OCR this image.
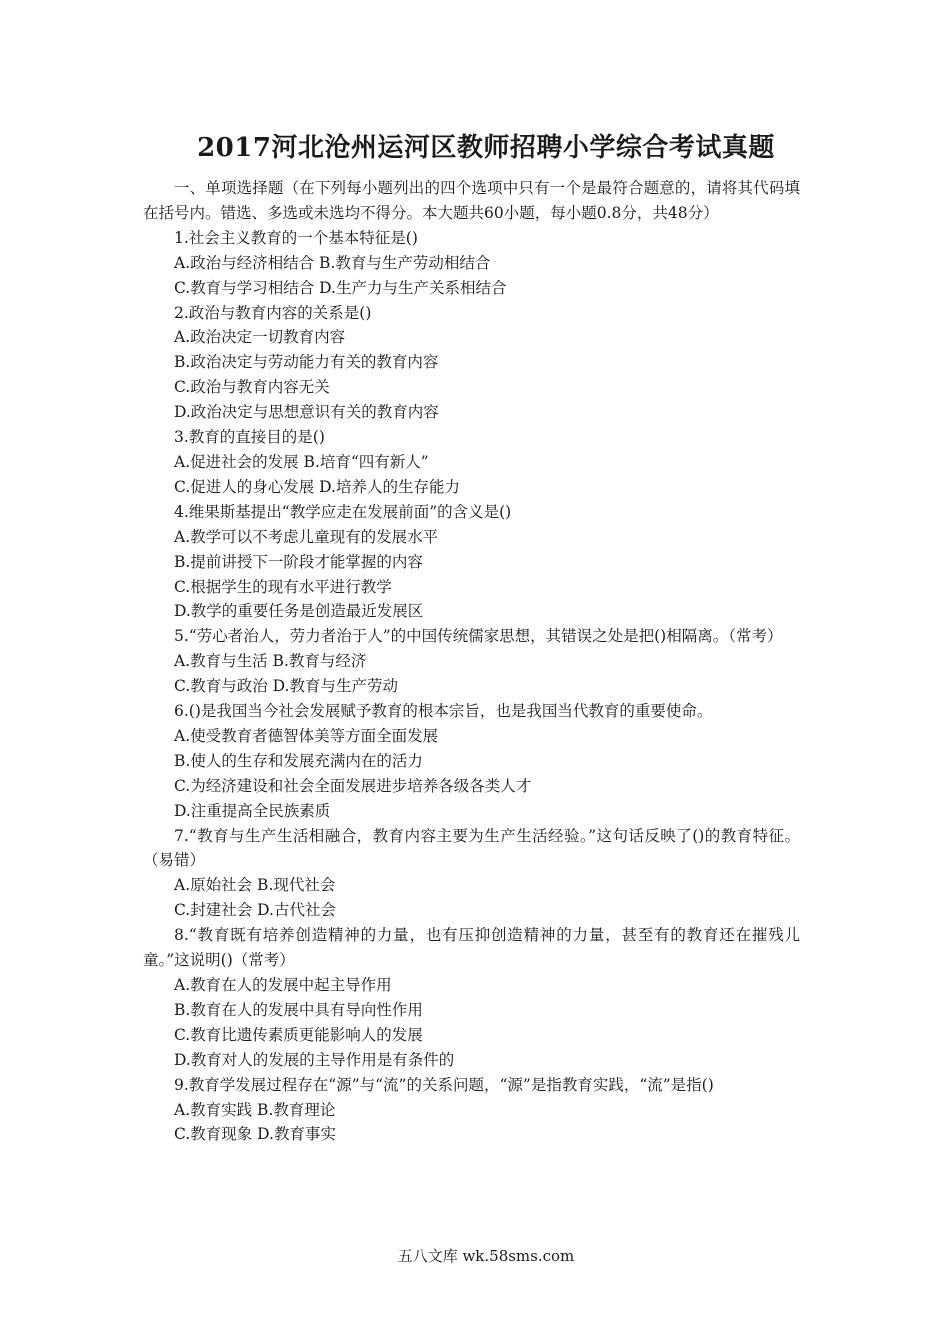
2017河北沧州运河区教师招聘小学综合考试真题
一、单项选择题（在下列每小题列出的四个选项中只有一个是最符合题意的，请将其代码填在括号内。错选、多选或未选均不得分。本大题共60小题，每小题0.8分，共48分）
1.社会主义教育的一个基本特征是()
A.政治与经济相结合 B.教育与生产劳动相结合
C.教育与学习相结合 D.生产力与生产关系相结合
2.政治与教育内容的关系是()
A.政治决定一切教育内容
B.政治决定与劳动能力有关的教育内容
C.政治与教育内容无关
D.政治决定与思想意识有关的教育内容
3.教育的直接目的是()
A.促进社会的发展 B.培育“四有新人”
C.促进人的身心发展 D.培养人的生存能力
4.维果斯基提出“教学应走在发展前面”的含义是()
A.教学可以不考虑儿童现有的发展水平
B.提前讲授下一阶段才能掌握的内容
C.根据学生的现有水平进行教学
D.教学的重要任务是创造最近发展区
5.“劳心者治人，劳力者治于人”的中国传统儒家思想，其错误之处是把()相隔离。（常考）
A.教育与生活 B.教育与经济
C.教育与政治 D.教育与生产劳动
6.()是我国当今社会发展赋予教育的根本宗旨，也是我国当代教育的重要使命。
A.使受教育者德智体美等方面全面发展
B.使人的生存和发展充满内在的活力
C.为经济建设和社会全面发展进步培养各级各类人才
D.注重提高全民族素质
7.“教育与生产生活相融合，教育内容主要为生产生活经验。”这句话反映了()的教育特征。（易错）
A.原始社会 B.现代社会
C.封建社会 D.古代社会
8.“教育既有培养创造精神的力量，也有压抑创造精神的力量，甚至有的教育还在摧残儿童。”这说明()（常考）
A.教育在人的发展中起主导作用
B.教育在人的发展中具有导向性作用
C.教育比遗传素质更能影响人的发展
D.教育对人的发展的主导作用是有条件的
9.教育学发展过程存在“源”与“流”的关系问题，“源”是指教育实践，“流”是指()
A.教育实践 B.教育理论
C.教育现象 D.教育事实
五八文库 wk.58sms.com
